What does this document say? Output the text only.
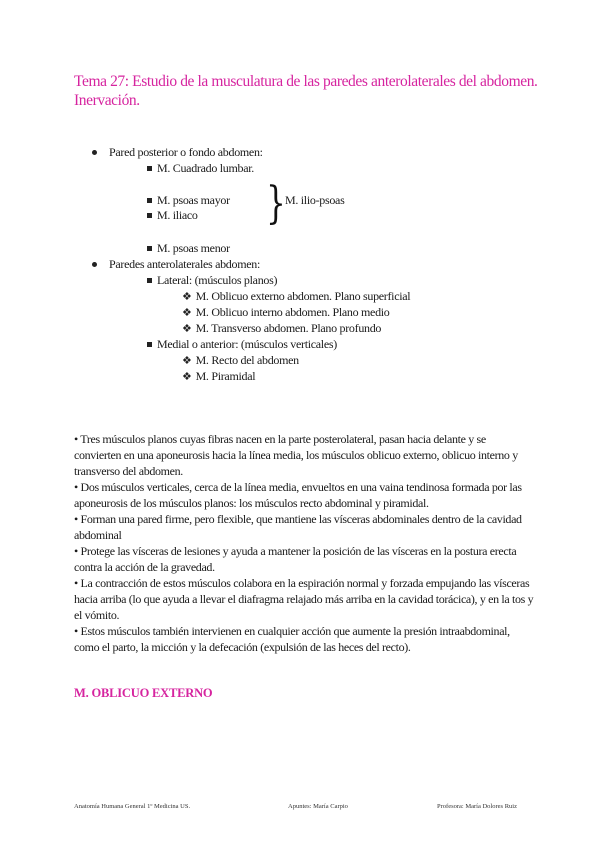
Tema 27: Estudio de la musculatura de las paredes anterolaterales del abdomen. Inervación.
Pared posterior o fondo abdomen:
M. Cuadrado lumbar.
M. psoas mayor
M. iliaco } M. ilio-psoas
M. psoas menor
Paredes anterolaterales abdomen:
Lateral: (músculos planos)
❖ M. Oblicuo externo abdomen. Plano superficial
❖ M. Oblicuo interno abdomen. Plano medio
❖ M. Transverso abdomen. Plano profundo
Medial o anterior: (músculos verticales)
❖ M. Recto del abdomen
❖ M. Piramidal

• Tres músculos planos cuyas fibras nacen en la parte posterolateral, pasan hacia delante y se convierten en una aponeurosis hacia la línea media, los músculos oblicuo externo, oblicuo interno y transverso del abdomen.

• Dos músculos verticales, cerca de la línea media, envueltos en una vaina tendinosa formada por las aponeurosis de los músculos planos: los músculos recto abdominal y piramidal.

• Forman una pared firme, pero flexible, que mantiene las vísceras abdominales dentro de la cavidad abdominal

• Protege las vísceras de lesiones y ayuda a mantener la posición de las vísceras en la postura erecta contra la acción de la gravedad.

• La contracción de estos músculos colabora en la espiración normal y forzada empujando las vísceras hacia arriba (lo que ayuda a llevar el diafragma relajado más arriba en la cavidad torácica), y en la tos y el vómito.

• Estos músculos también intervienen en cualquier acción que aumente la presión intraabdominal, como el parto, la micción y la defecación (expulsión de las heces del recto).

M. OBLICUO EXTERNO
Anatomía Humana General 1º Medicina US.	Apuntes: María Carpio	Profesora: María Dolores Ruiz
